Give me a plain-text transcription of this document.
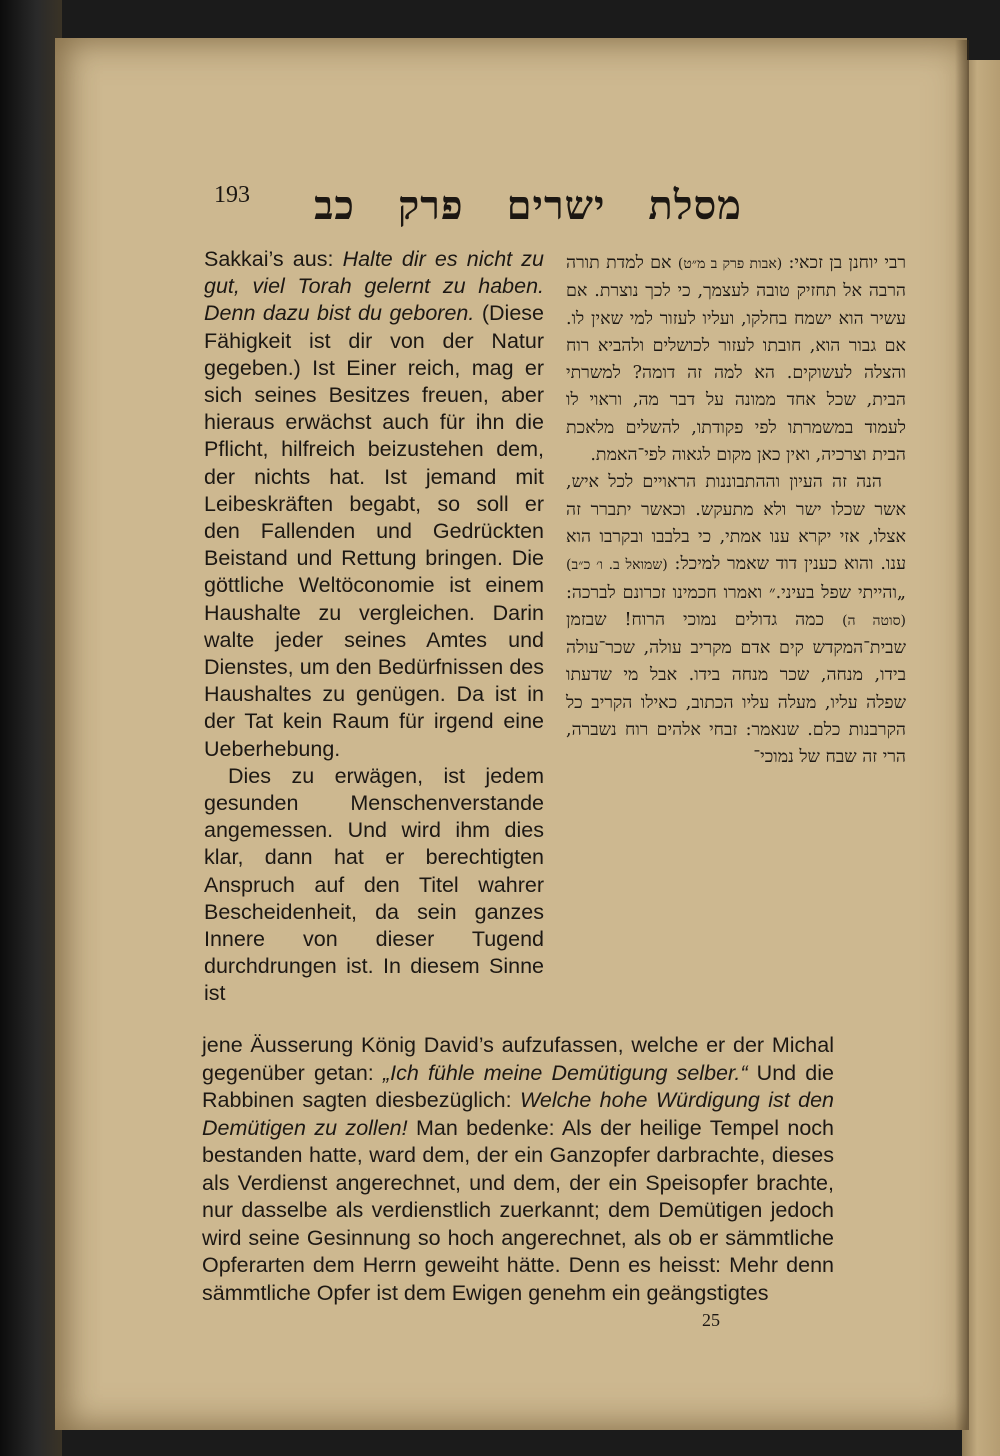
193 מסלת ישרים פרק כב

Sakkai’s aus: Halte dir es nicht zu gut, viel Torah gelernt zu haben. Denn dazu bist du geboren. (Diese Fähigkeit ist dir von der Natur gegeben.) Ist Einer reich, mag er sich seines Besitzes freuen, aber hieraus erwächst auch für ihn die Pflicht, hilfreich beizustehen dem, der nichts hat. Ist jemand mit Leibeskräften begabt, so soll er den Fallenden und Gedrückten Beistand und Rettung bringen. Die göttliche Weltöconomie ist einem Haushalte zu vergleichen. Darin walte jeder seines Amtes und Dienstes, um den Bedürfnissen des Haushaltes zu genügen. Da ist in der Tat kein Raum für irgend eine Ueberhebung.

Dies zu erwägen, ist jedem gesunden Menschenverstande angemessen. Und wird ihm dies klar, dann hat er berechtigten Anspruch auf den Titel wahrer Bescheidenheit, da sein ganzes Innere von dieser Tugend durchdrungen ist. In diesem Sinne ist

רבי יוחנן בן זכאי: (אבות פרק ב מ״ט) אם למדת תורה הרבה אל תחזיק טובה לעצמך, כי לכך נוצרת. אם עשיר הוא ישמח בחלקו, ועליו לעזור למי שאין לו. אם גבור הוא, חובתו לעזור לכושלים ולהביא רוח והצלה לעשוקים. הא למה זה דומה? למשרתי הבית, שכל אחד ממונה על דבר מה, וראוי לו לעמוד במשמרתו לפי פקודתו, להשלים מלאכת הבית וצרכיה, ואין כאן מקום לגאוה לפי־האמת.

הנה זה העיון וההתבוננות הראויים לכל איש, אשר שכלו ישר ולא מתעקש. וכאשר יתברר זה אצלו, אזי יקרא ענו אמתי, כי בלבבו ובקרבו הוא ענו. והוא כענין דוד שאמר למיכל: (שמואל ב. ו׳ כ״ב) „והייתי שפל בעיני.״ ואמרו חכמינו זכרונם לברכה: (סוטה ה) כמה גדולים נמוכי הרוח! שבזמן שבית־המקדש קים אדם מקריב עולה, שכר־עולה בידו, מנחה, שכר מנחה בידו. אבל מי שדעתו שפלה עליו, מעלה עליו הכתוב, כאילו הקריב כל הקרבנות כלם. שנאמר: זבחי אלהים רוח נשברה, הרי זה שבח של נמוכי־

jene Äusserung König David’s aufzufassen, welche er der Michal gegenüber getan: „Ich fühle meine Demütigung selber.“ Und die Rabbinen sagten diesbezüglich: Welche hohe Würdigung ist den Demütigen zu zollen! Man bedenke: Als der heilige Tempel noch bestanden hatte, ward dem, der ein Ganzopfer darbrachte, dieses als Verdienst angerechnet, und dem, der ein Speisopfer brachte, nur dasselbe als verdienstlich zuerkannt; dem Demütigen jedoch wird seine Gesinnung so hoch angerechnet, als ob er sämmtliche Opferarten dem Herrn geweiht hätte. Denn es heisst: Mehr denn sämmtliche Opfer ist dem Ewigen genehm ein geängstigtes

25
